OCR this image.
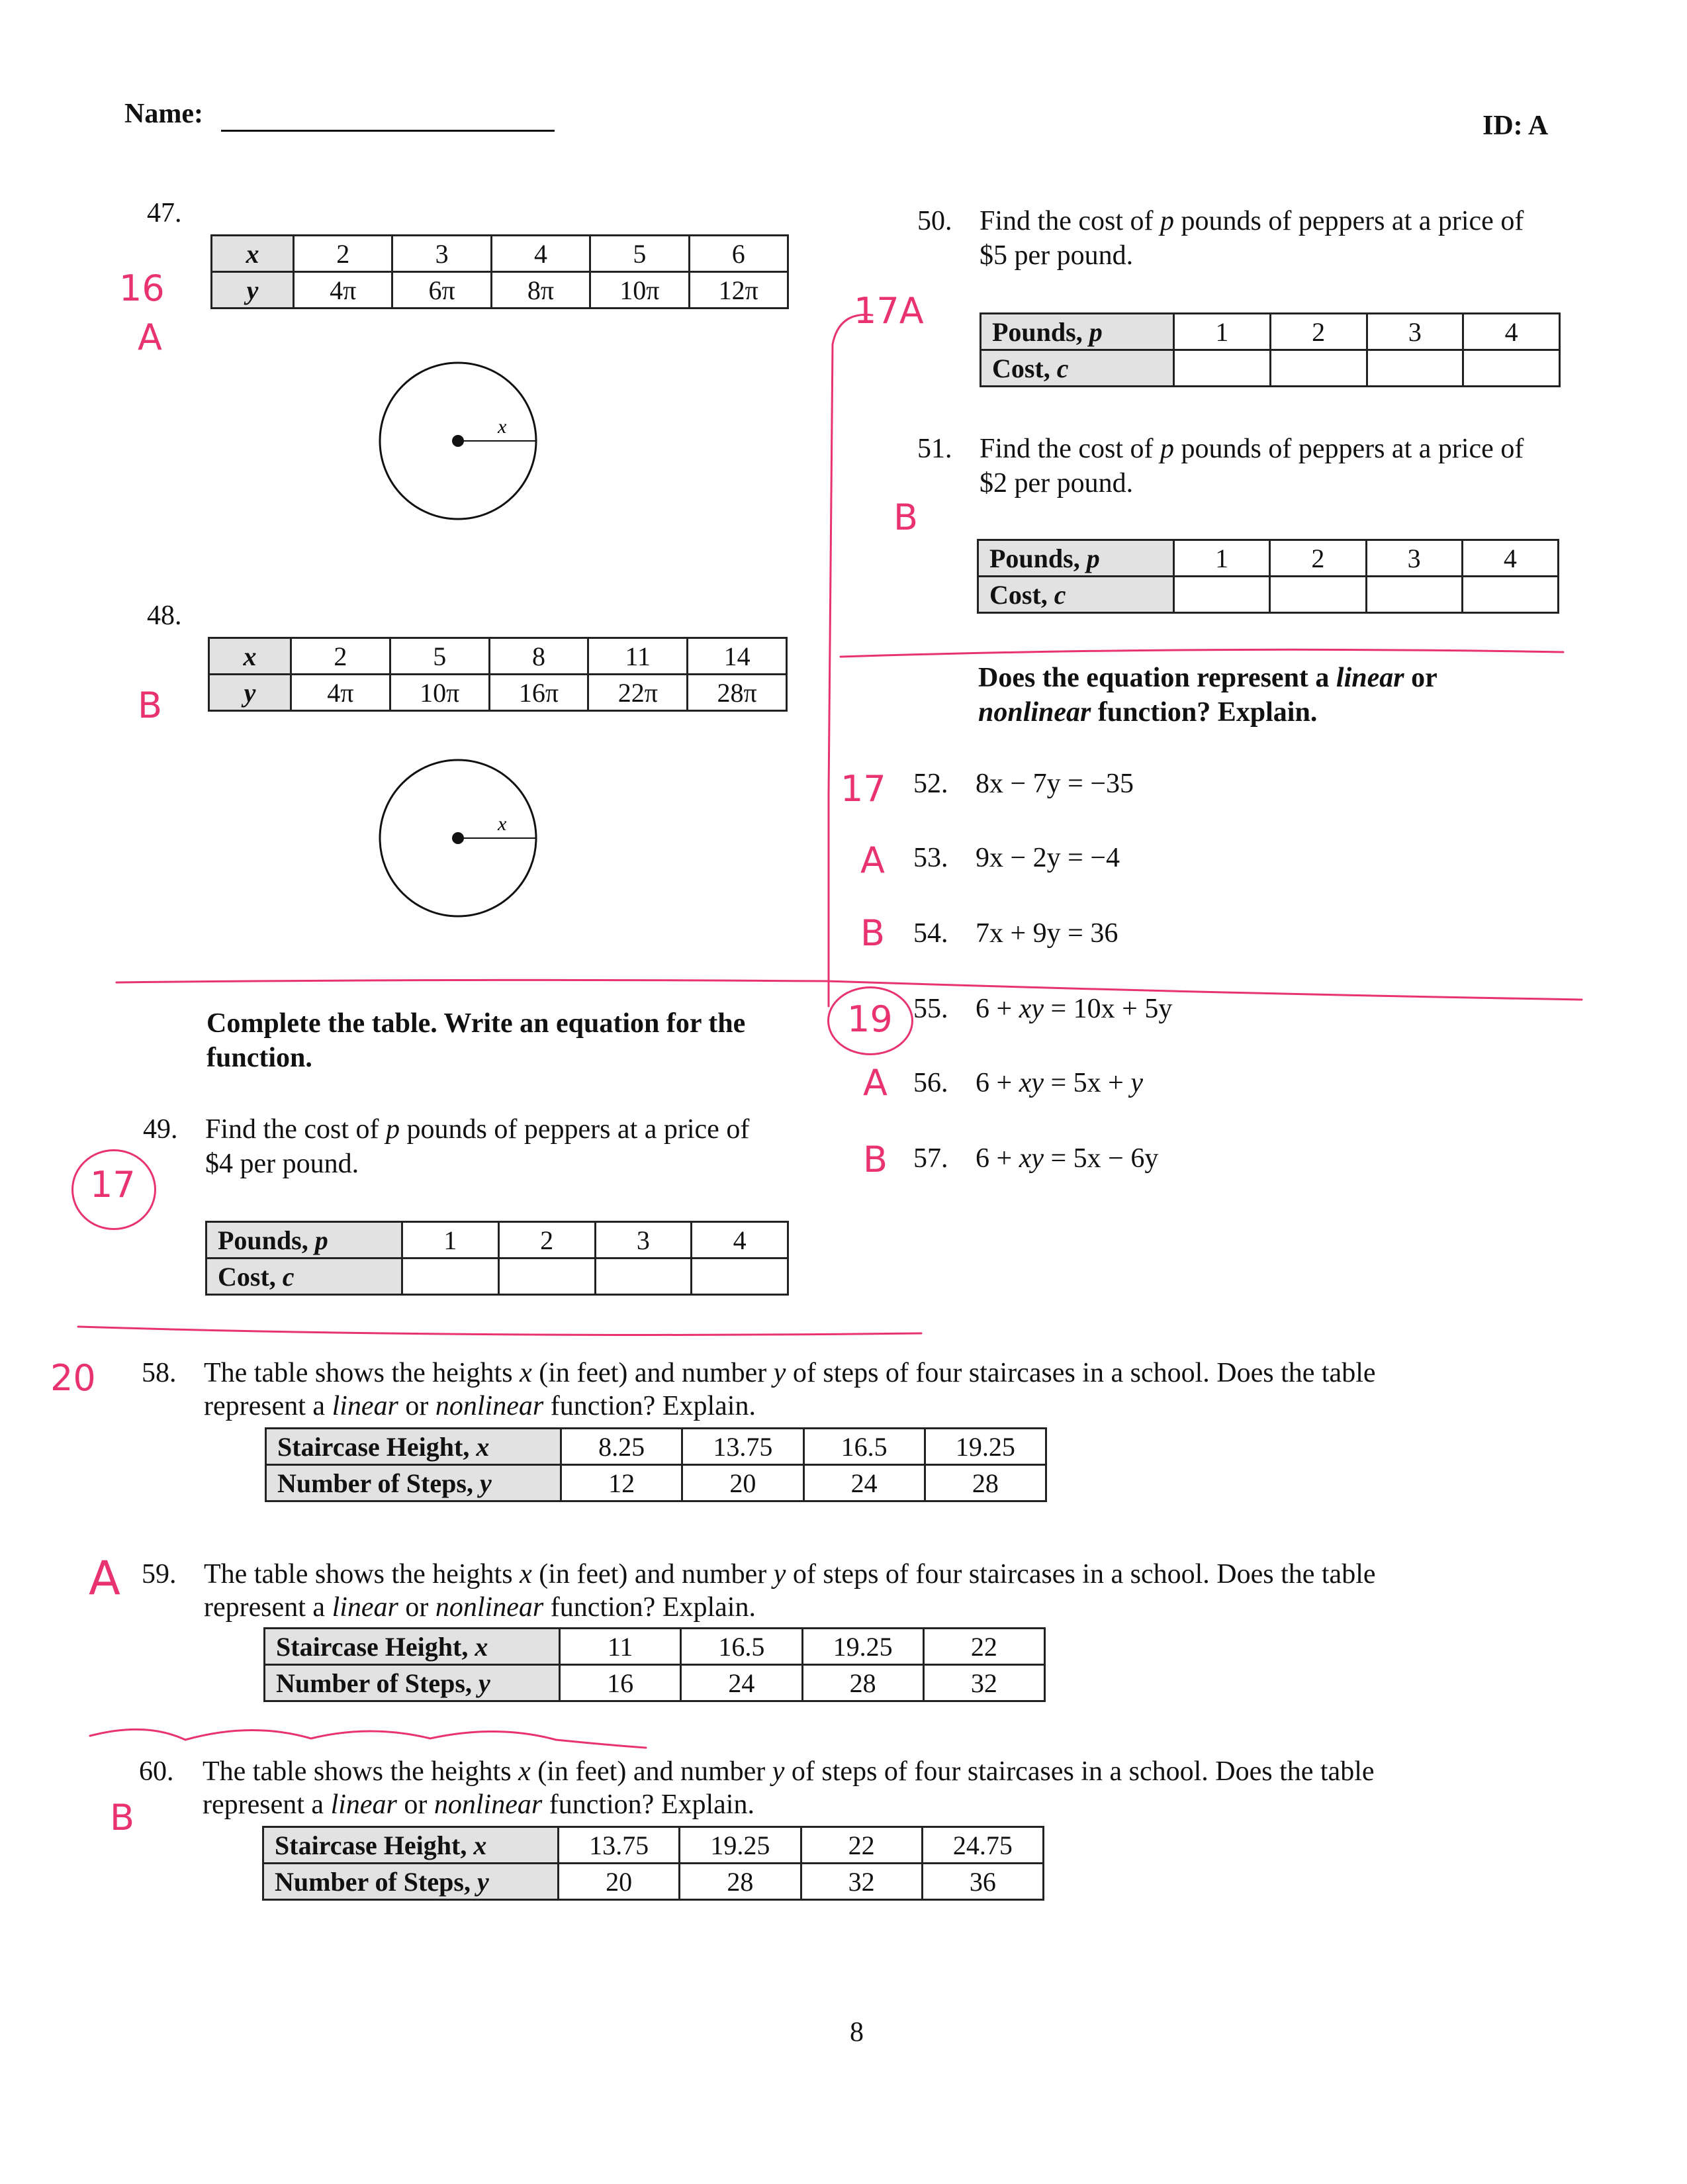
Name:	ID: A
47.
x	2	3	4	5	6
y	4π	6π	8π	10π	12π
x
48.
x	2	5	8	11	14
y	4π	10π	16π	22π	28π
x
Complete the table. Write an equation for the
function.
49. Find the cost of p pounds of peppers at a price of
$4 per pound.
Pounds, p	1	2	3	4
Cost, c				
50. Find the cost of p pounds of peppers at a price of
$5 per pound.
Pounds, p	1	2	3	4
Cost, c				
51. Find the cost of p pounds of peppers at a price of
$2 per pound.
Pounds, p	1	2	3	4
Cost, c				
Does the equation represent a linear or
nonlinear function? Explain.
52. 8x − 7y = −35
53. 9x − 2y = −4
54. 7x + 9y = 36
55. 6 + xy = 10x + 5y
56. 6 + xy = 5x + y
57. 6 + xy = 5x − 6y
58. The table shows the heights x (in feet) and number y of steps of four staircases in a school. Does the table
represent a linear or nonlinear function? Explain.
Staircase Height, x	8.25	13.75	16.5	19.25
Number of Steps, y	12	20	24	28
59. The table shows the heights x (in feet) and number y of steps of four staircases in a school. Does the table
represent a linear or nonlinear function? Explain.
Staircase Height, x	11	16.5	19.25	22
Number of Steps, y	16	24	28	32
60. The table shows the heights x (in feet) and number y of steps of four staircases in a school. Does the table
represent a linear or nonlinear function? Explain.
Staircase Height, x	13.75	19.25	22	24.75
Number of Steps, y	20	28	32	36
8
16
A
B
17
17A
B
17
A
B
19
A
B
20
A
B
